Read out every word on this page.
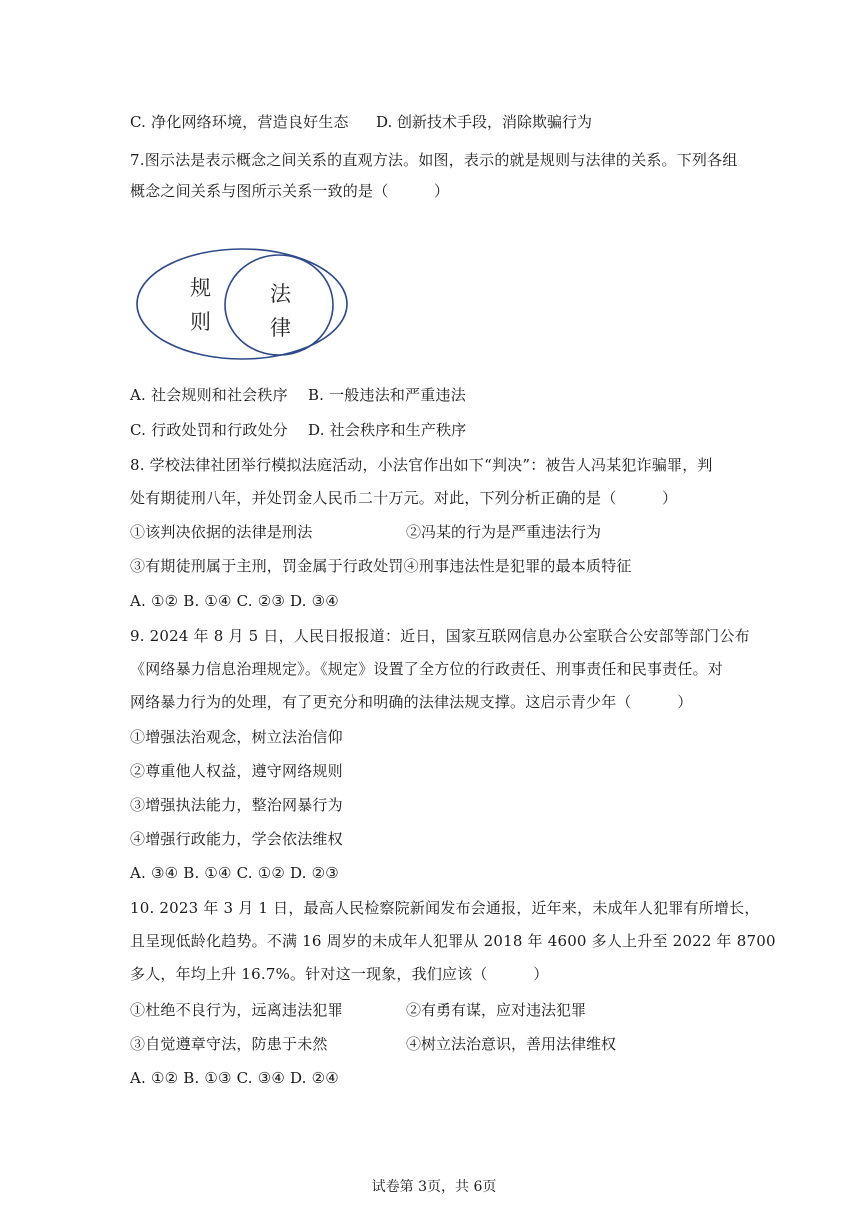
C. 净化网络环境，营造良好生态 D. 创新技术手段，消除欺骗行为
7.图示法是表示概念之间关系的直观方法。如图，表示的就是规则与法律的关系。下列各组
概念之间关系与图所示关系一致的是（　　　）
规
则
法
律
A. 社会规则和社会秩序　 B. 一般违法和严重违法
C. 行政处罚和行政处分　 D. 社会秩序和生产秩序
8. 学校法律社团举行模拟法庭活动，小法官作出如下“判决”：被告人冯某犯诈骗罪，判
处有期徒刑八年，并处罚金人民币二十万元。对此，下列分析正确的是（　　　）
①该判决依据的法律是刑法	②冯某的行为是严重违法行为
③有期徒刑属于主刑，罚金属于行政处罚④刑事违法性是犯罪的最本质特征
A. ①② B. ①④ C. ②③ D. ③④
9. 2024 年 8 月 5 日，人民日报报道：近日，国家互联网信息办公室联合公安部等部门公布
《网络暴力信息治理规定》。《规定》设置了全方位的行政责任、刑事责任和民事责任。对
网络暴力行为的处理，有了更充分和明确的法律法规支撑。这启示青少年（　　　）
①增强法治观念，树立法治信仰
②尊重他人权益，遵守网络规则
③增强执法能力，整治网暴行为
④增强行政能力，学会依法维权
A. ③④ B. ①④ C. ①② D. ②③
10. 2023 年 3 月 1 日，最高人民检察院新闻发布会通报，近年来，未成年人犯罪有所增长，
且呈现低龄化趋势。不满 16 周岁的未成年人犯罪从 2018 年 4600 多人上升至 2022 年 8700
多人，年均上升 16.7%。针对这一现象，我们应该（　　　）
①杜绝不良行为，远离违法犯罪	②有勇有谋，应对违法犯罪
③自觉遵章守法，防患于未然	④树立法治意识，善用法律维权
A. ①② B. ①③ C. ③④ D. ②④
试卷第 3页，共 6页
